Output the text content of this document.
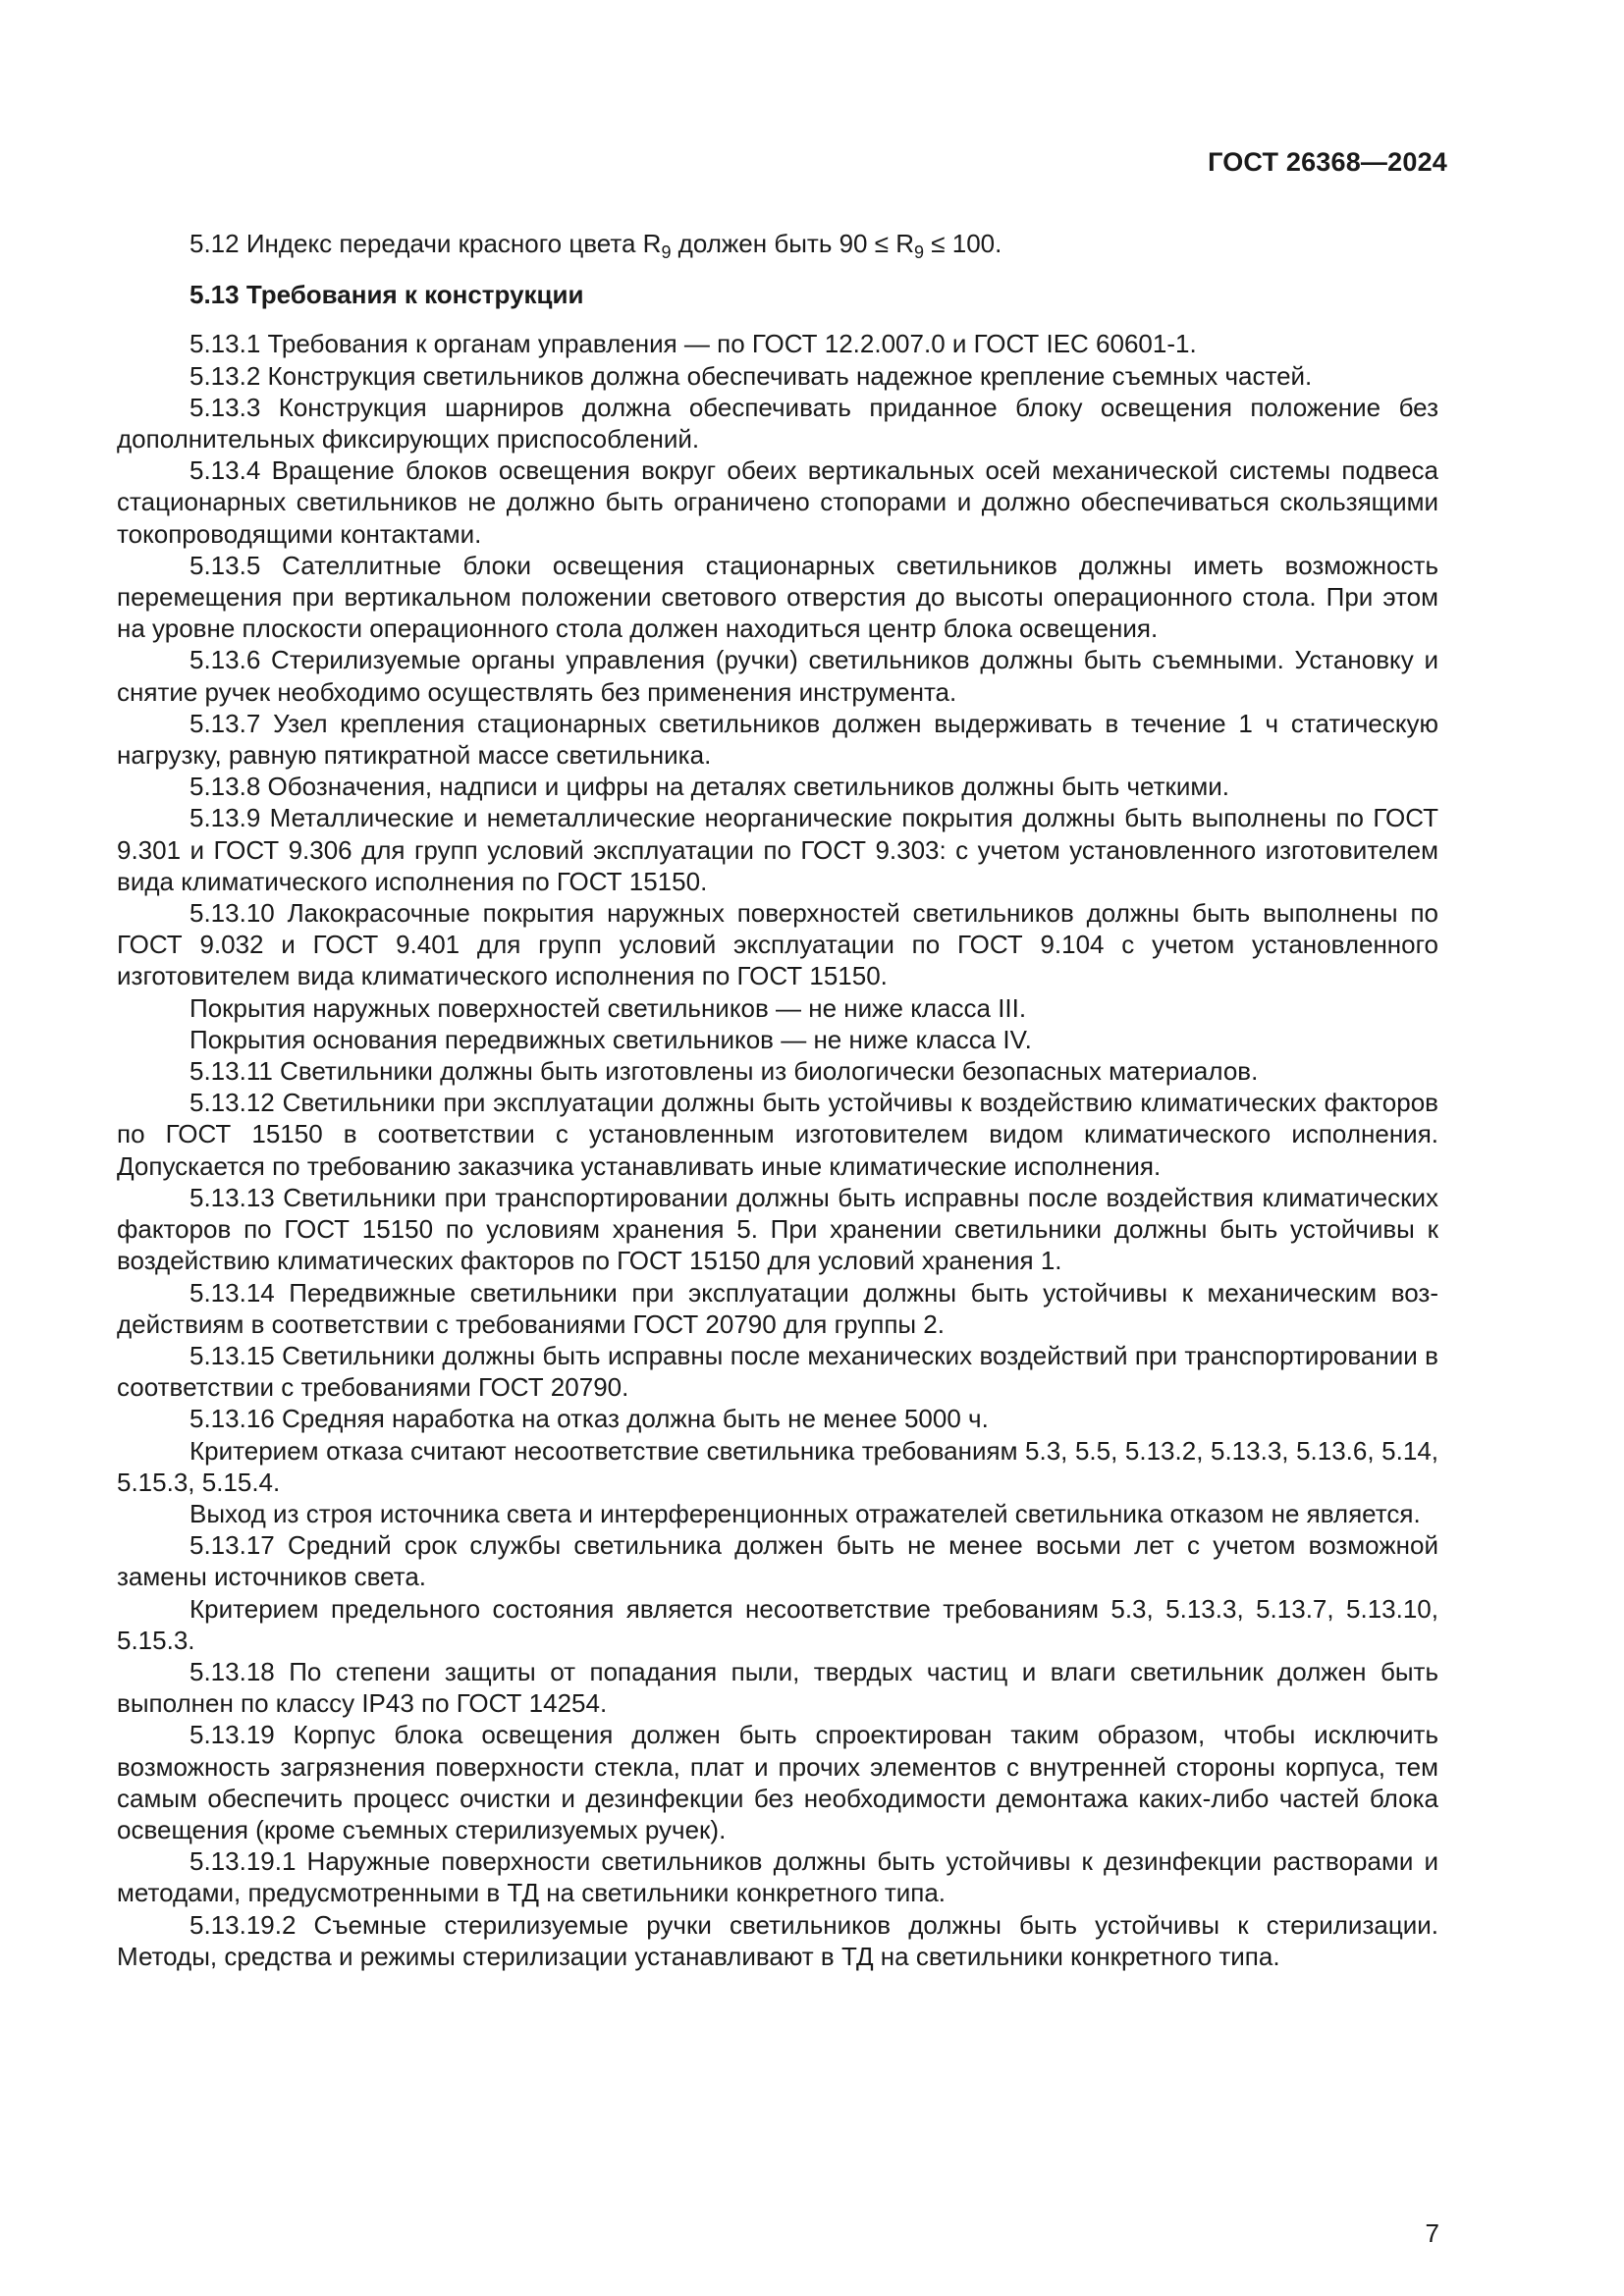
ГОСТ 26368—2024

5.12 Индекс передачи красного цвета $R_9$ должен быть $90 \le R_9 \le 100$.

5.13 Требования к конструкции

5.13.1 Требования к органам управления — по ГОСТ 12.2.007.0 и ГОСТ IEC 60601-1.

5.13.2 Конструкция светильников должна обеспечивать надежное крепление съемных частей.

5.13.3 Конструкция шарниров должна обеспечивать приданное блоку освещения положение без дополнительных фиксирующих приспособлений.

5.13.4 Вращение блоков освещения вокруг обеих вертикальных осей механической системы подвеса стационарных светильников не должно быть ограничено стопорами и должно обеспечиваться скользящими токопроводящими контактами.

5.13.5 Сателлитные блоки освещения стационарных светильников должны иметь возможность перемещения при вертикальном положении светового отверстия до высоты операционного стола. При этом на уровне плоскости операционного стола должен находиться центр блока освещения.

5.13.6 Стерилизуемые органы управления (ручки) светильников должны быть съемными. Установку и снятие ручек необходимо осуществлять без применения инструмента.

5.13.7 Узел крепления стационарных светильников должен выдерживать в течение 1 ч статическую нагрузку, равную пятикратной массе светильника.

5.13.8 Обозначения, надписи и цифры на деталях светильников должны быть четкими.

5.13.9 Металлические и неметаллические неорганические покрытия должны быть выполнены по ГОСТ 9.301 и ГОСТ 9.306 для групп условий эксплуатации по ГОСТ 9.303: с учетом установленного изготовителем вида климатического исполнения по ГОСТ 15150.

5.13.10 Лакокрасочные покрытия наружных поверхностей светильников должны быть выполнены по ГОСТ 9.032 и ГОСТ 9.401 для групп условий эксплуатации по ГОСТ 9.104 с учетом установленного изготовителем вида климатического исполнения по ГОСТ 15150.

Покрытия наружных поверхностей светильников — не ниже класса III.

Покрытия основания передвижных светильников — не ниже класса IV.

5.13.11 Светильники должны быть изготовлены из биологически безопасных материалов.

5.13.12 Светильники при эксплуатации должны быть устойчивы к воздействию климатических факторов по ГОСТ 15150 в соответствии с установленным изготовителем видом климатического исполнения. Допускается по требованию заказчика устанавливать иные климатические исполнения.

5.13.13 Светильники при транспортировании должны быть исправны после воздействия климатических факторов по ГОСТ 15150 по условиям хранения 5. При хранении светильники должны быть устойчивы к воздействию климатических факторов по ГОСТ 15150 для условий хранения 1.

5.13.14 Передвижные светильники при эксплуатации должны быть устойчивы к механическим воздействиям в соответствии с требованиями ГОСТ 20790 для группы 2.

5.13.15 Светильники должны быть исправны после механических воздействий при транспортировании в соответствии с требованиями ГОСТ 20790.

5.13.16 Средняя наработка на отказ должна быть не менее 5000 ч.

Критерием отказа считают несоответствие светильника требованиям 5.3, 5.5, 5.13.2, 5.13.3, 5.13.6, 5.14, 5.15.3, 5.15.4.

Выход из строя источника света и интерференционных отражателей светильника отказом не является.

5.13.17 Средний срок службы светильника должен быть не менее восьми лет с учетом возможной замены источников света.

Критерием предельного состояния является несоответствие требованиям 5.3, 5.13.3, 5.13.7, 5.13.10, 5.15.3.

5.13.18 По степени защиты от попадания пыли, твердых частиц и влаги светильник должен быть выполнен по классу IP43 по ГОСТ 14254.

5.13.19 Корпус блока освещения должен быть спроектирован таким образом, чтобы исключить возможность загрязнения поверхности стекла, плат и прочих элементов с внутренней стороны корпуса, тем самым обеспечить процесс очистки и дезинфекции без необходимости демонтажа каких-либо частей блока освещения (кроме съемных стерилизуемых ручек).

5.13.19.1 Наружные поверхности светильников должны быть устойчивы к дезинфекции растворами и методами, предусмотренными в ТД на светильники конкретного типа.

5.13.19.2 Съемные стерилизуемые ручки светильников должны быть устойчивы к стерилизации. Методы, средства и режимы стерилизации устанавливают в ТД на светильники конкретного типа.

7
